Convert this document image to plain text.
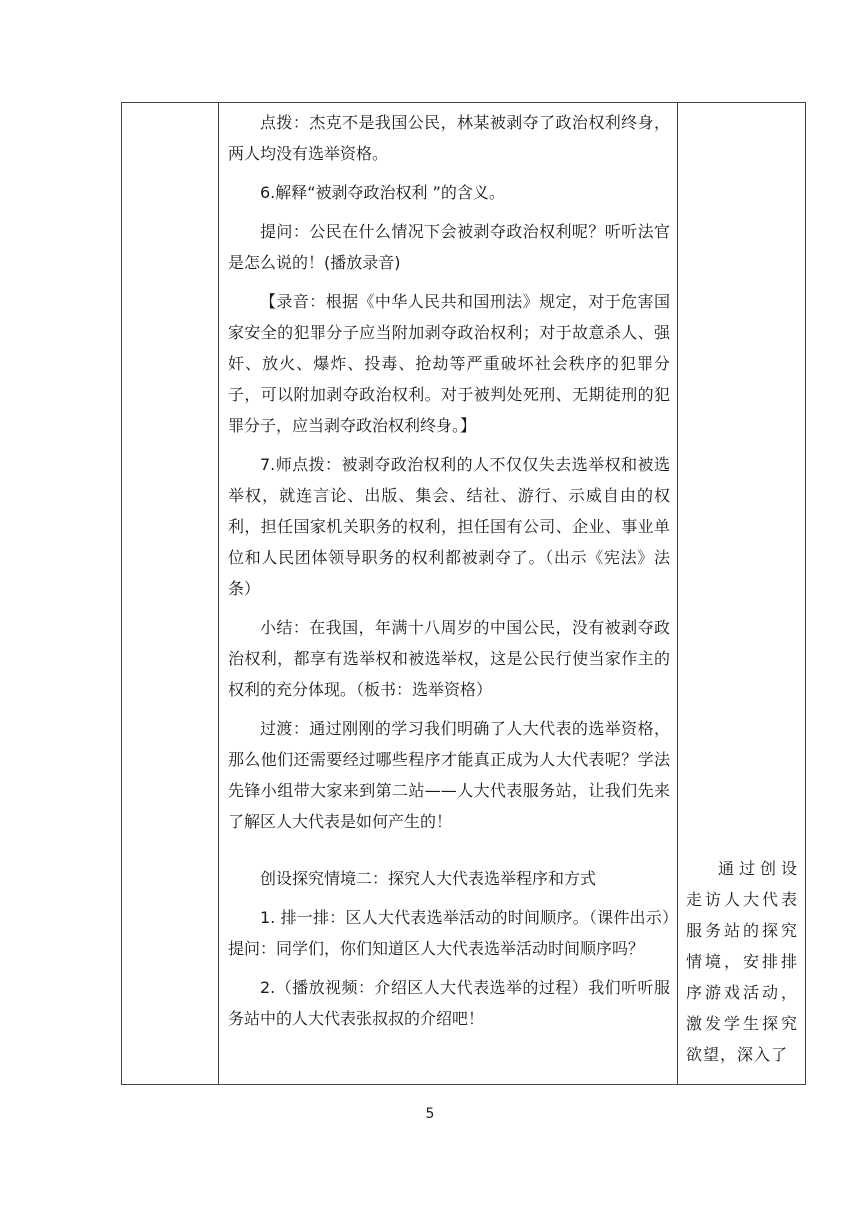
点拨：杰克不是我国公民，林某被剥夺了政治权利终身，两人均没有选举资格。

6.解释“被剥夺政治权利 ”的含义。

提问：公民在什么情况下会被剥夺政治权利呢？听听法官是怎么说的！(播放录音)

【录音：根据《中华人民共和国刑法》规定，对于危害国家安全的犯罪分子应当附加剥夺政治权利；对于故意杀人、强奸、放火、爆炸、投毒、抢劫等严重破坏社会秩序的犯罪分子，可以附加剥夺政治权利。对于被判处死刑、无期徒刑的犯罪分子，应当剥夺政治权利终身。】

7.师点拨：被剥夺政治权利的人不仅仅失去选举权和被选举权，就连言论、出版、集会、结社、游行、示威自由的权利，担任国家机关职务的权利，担任国有公司、企业、事业单位和人民团体领导职务的权利都被剥夺了。（出示《宪法》法条）

小结：在我国，年满十八周岁的中国公民，没有被剥夺政治权利，都享有选举权和被选举权，这是公民行使当家作主的权利的充分体现。（板书：选举资格）

过渡：通过刚刚的学习我们明确了人大代表的选举资格，那么他们还需要经过哪些程序才能真正成为人大代表呢？学法先锋小组带大家来到第二站——人大代表服务站，让我们先来了解区人大代表是如何产生的！

创设探究情境二：探究人大代表选举程序和方式

1. 排一排：区人大代表选举活动的时间顺序。（课件出示）提问：同学们，你们知道区人大代表选举活动时间顺序吗？

2.（播放视频：介绍区人大代表选举的过程）我们听听服务站中的人大代表张叔叔的介绍吧！

通过创设走访人大代表服务站的探究情境，安排排序游戏活动，激发学生探究欲望，深入了

5
